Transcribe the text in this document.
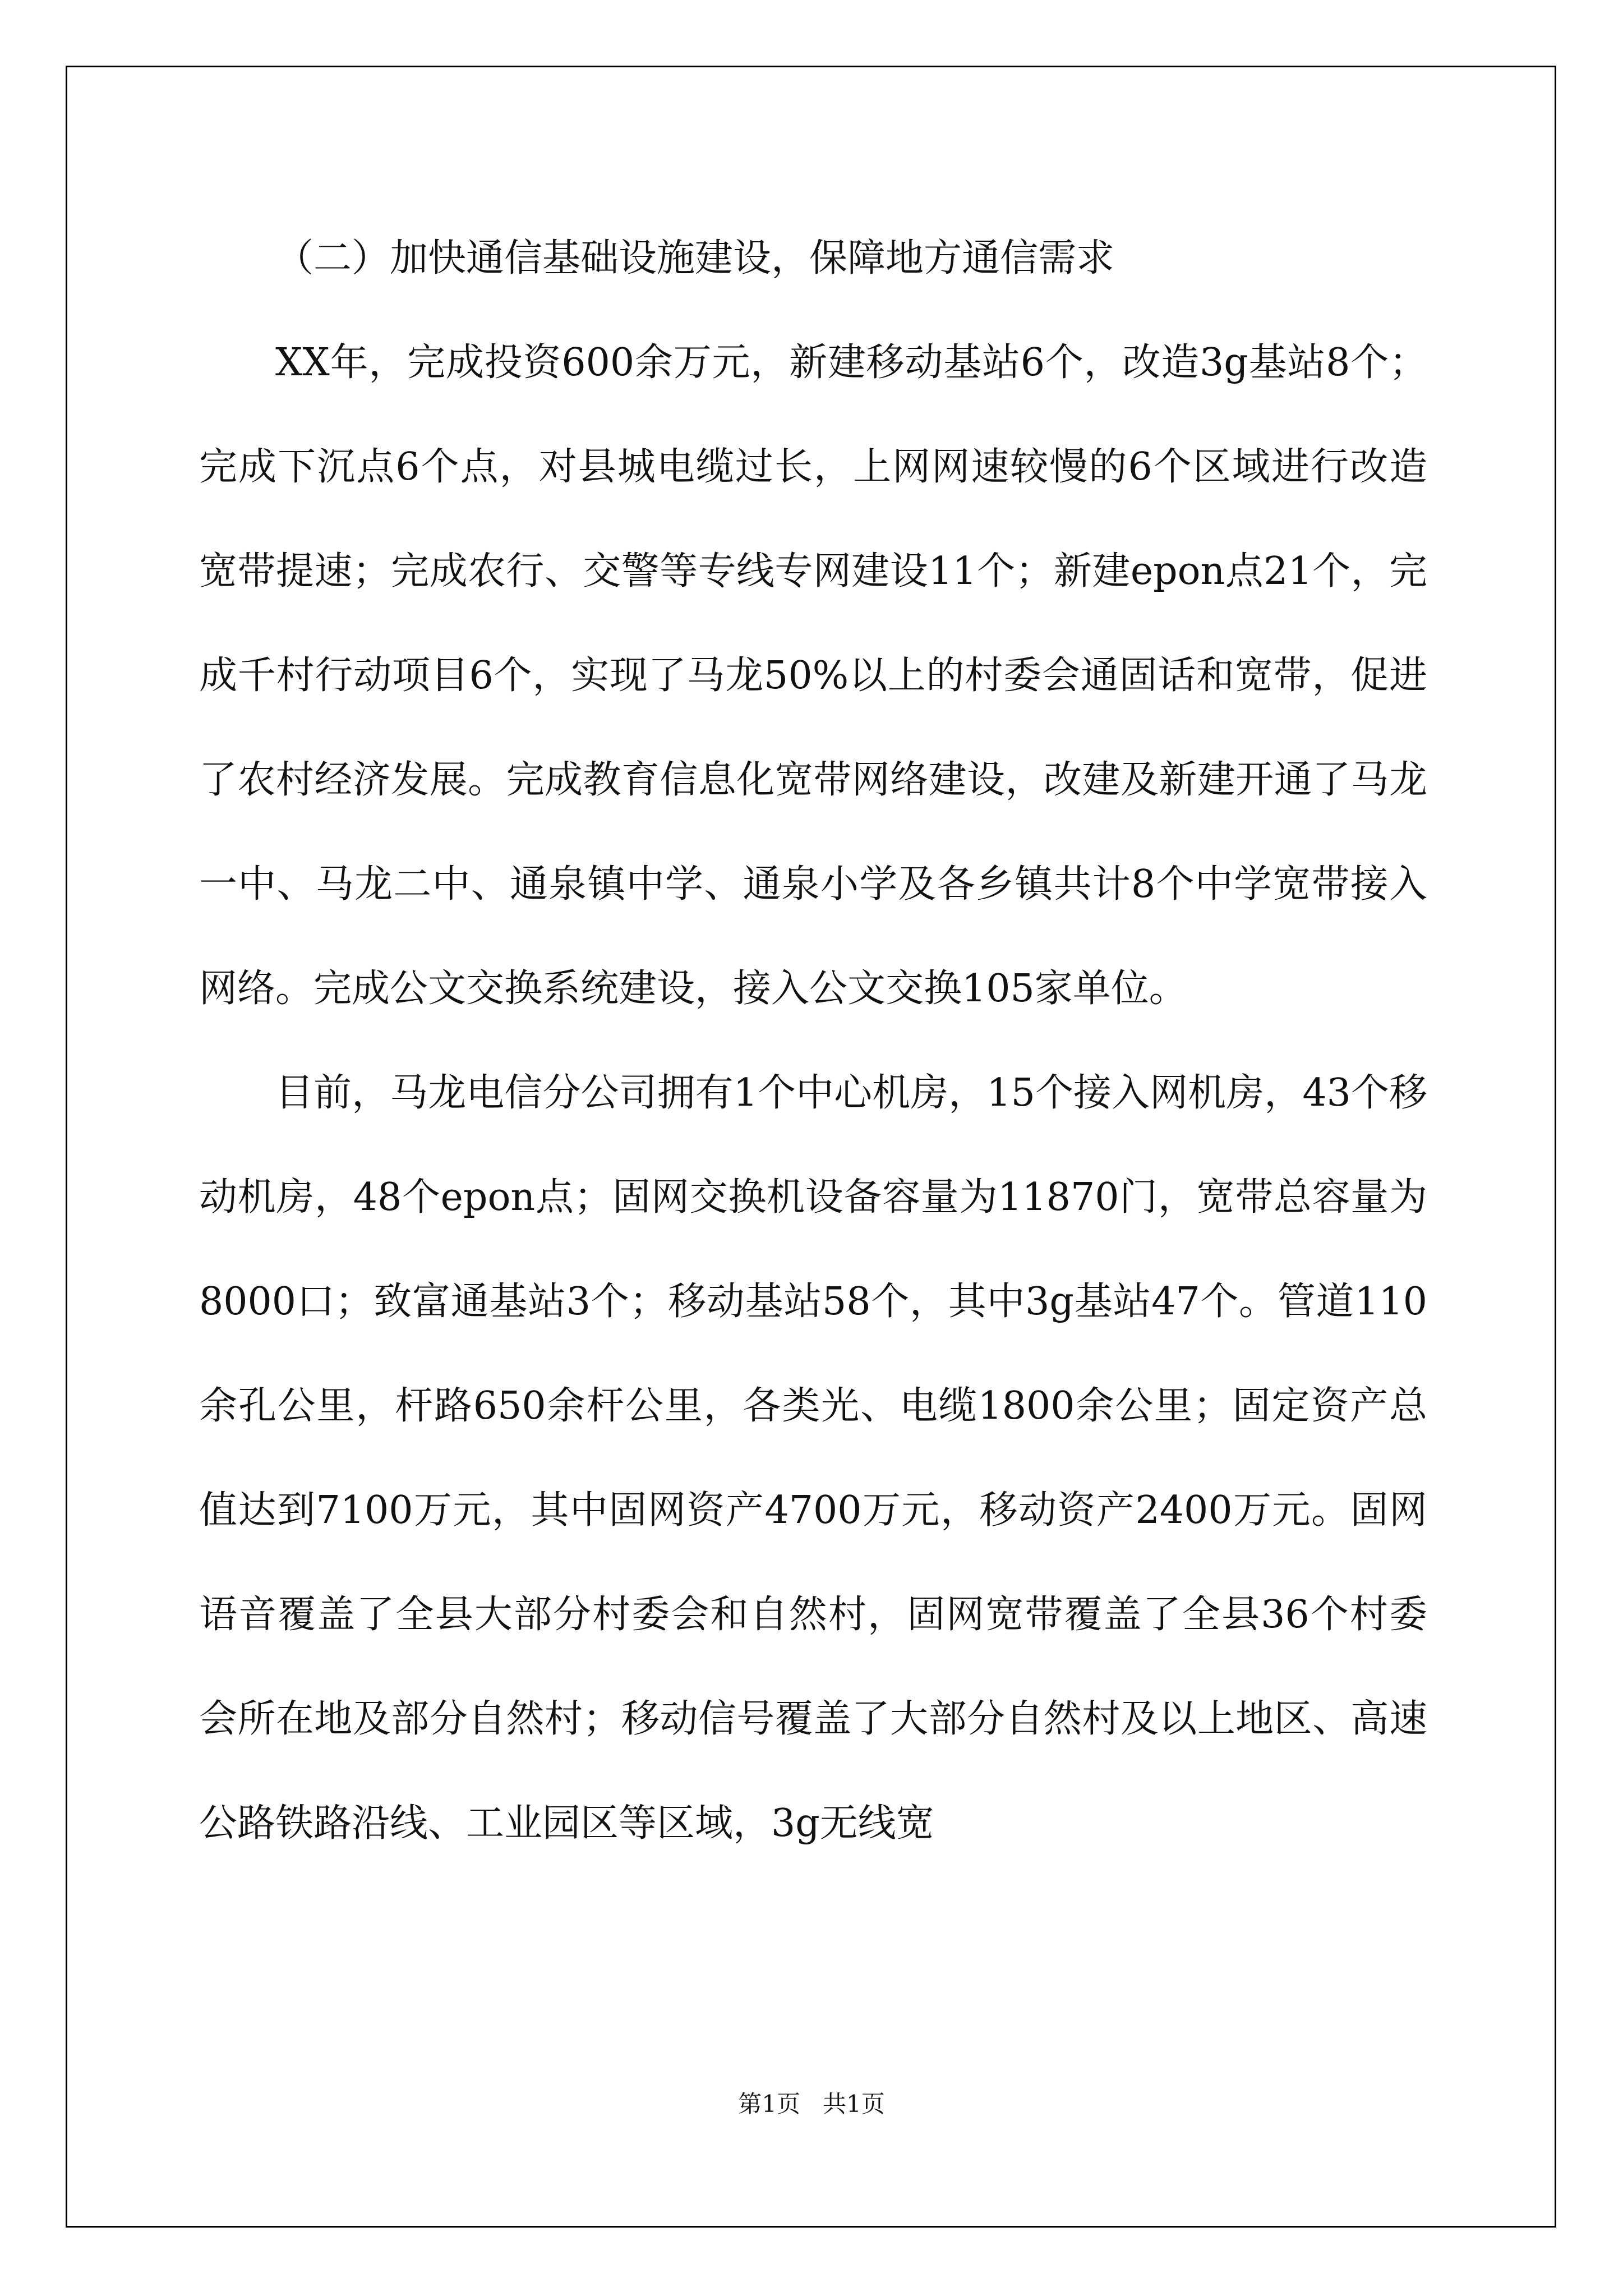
（二）加快通信基础设施建设，保障地方通信需求

XX年，完成投资600余万元，新建移动基站6个，改造3g基站8个；完成下沉点6个点，对县城电缆过长，上网网速较慢的6个区域进行改造宽带提速；完成农行、交警等专线专网建设11个；新建epon点21个，完成千村行动项目6个，实现了马龙50%以上的村委会通固话和宽带，促进了农村经济发展。完成教育信息化宽带网络建设，改建及新建开通了马龙一中、马龙二中、通泉镇中学、通泉小学及各乡镇共计8个中学宽带接入网络。完成公文交换系统建设，接入公文交换105家单位。

目前，马龙电信分公司拥有1个中心机房，15个接入网机房，43个移动机房，48个epon点；固网交换机设备容量为11870门，宽带总容量为8000口；致富通基站3个；移动基站58个，其中3g基站47个。管道110余孔公里，杆路650余杆公里，各类光、电缆1800余公里；固定资产总值达到7100万元，其中固网资产4700万元，移动资产2400万元。固网语音覆盖了全县大部分村委会和自然村，固网宽带覆盖了全县36个村委会所在地及部分自然村；移动信号覆盖了大部分自然村及以上地区、高速公路铁路沿线、工业园区等区域，3g无线宽

第1页   共1页
